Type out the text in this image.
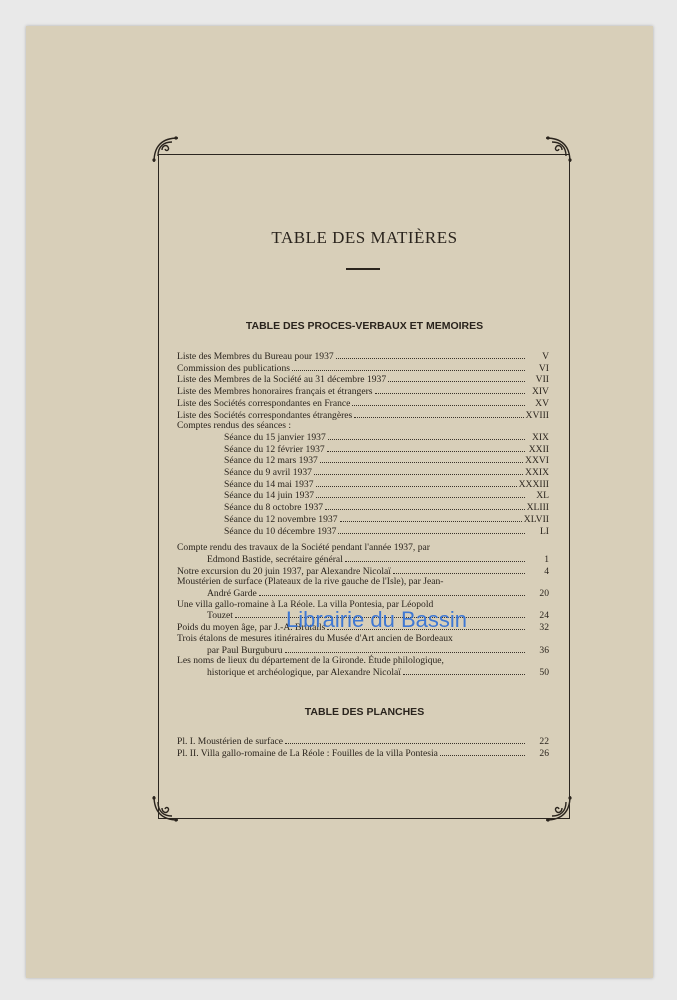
TABLE DES MATIÈRES
TABLE DES PROCES-VERBAUX ET MEMOIRES
Liste des Membres du Bureau pour 1937	V
Commission des publications	VI
Liste des Membres de la Société au 31 décembre 1937	VII
Liste des Membres honoraires français et étrangers	XIV
Liste des Sociétés correspondantes en France	XV
Liste des Sociétés correspondantes étrangères	XVIII
Comptes rendus des séances :
Séance du 15 janvier 1937	XIX
Séance du 12 février 1937	XXII
Séance du 12 mars 1937	XXVI
Séance du 9 avril 1937	XXIX
Séance du 14 mai 1937	XXXIII
Séance du 14 juin 1937	XL
Séance du 8 octobre 1937	XLIII
Séance du 12 novembre 1937	XLVII
Séance du 10 décembre 1937	LI
Compte rendu des travaux de la Société pendant l'année 1937, par
Edmond Bastide, secrétaire général	1
Notre excursion du 20 juin 1937, par Alexandre Nicolaï	4
Moustérien de surface (Plateaux de la rive gauche de l'Isle), par Jean-
André Garde	20
Une villa gallo-romaine à La Réole. La villa Pontesia, par Léopold
Touzet	24
Poids du moyen âge, par J.-A. Brutails	32
Trois étalons de mesures itinéraires du Musée d'Art ancien de Bordeaux
par Paul Burguburu	36
Les noms de lieux du département de la Gironde. Étude philologique,
historique et archéologique, par Alexandre Nicolaï	50
TABLE DES PLANCHES
Pl. I. Moustérien de surface	22
Pl. II. Villa gallo-romaine de La Réole : Fouilles de la villa Pontesia	26
Librairie du Bassin
